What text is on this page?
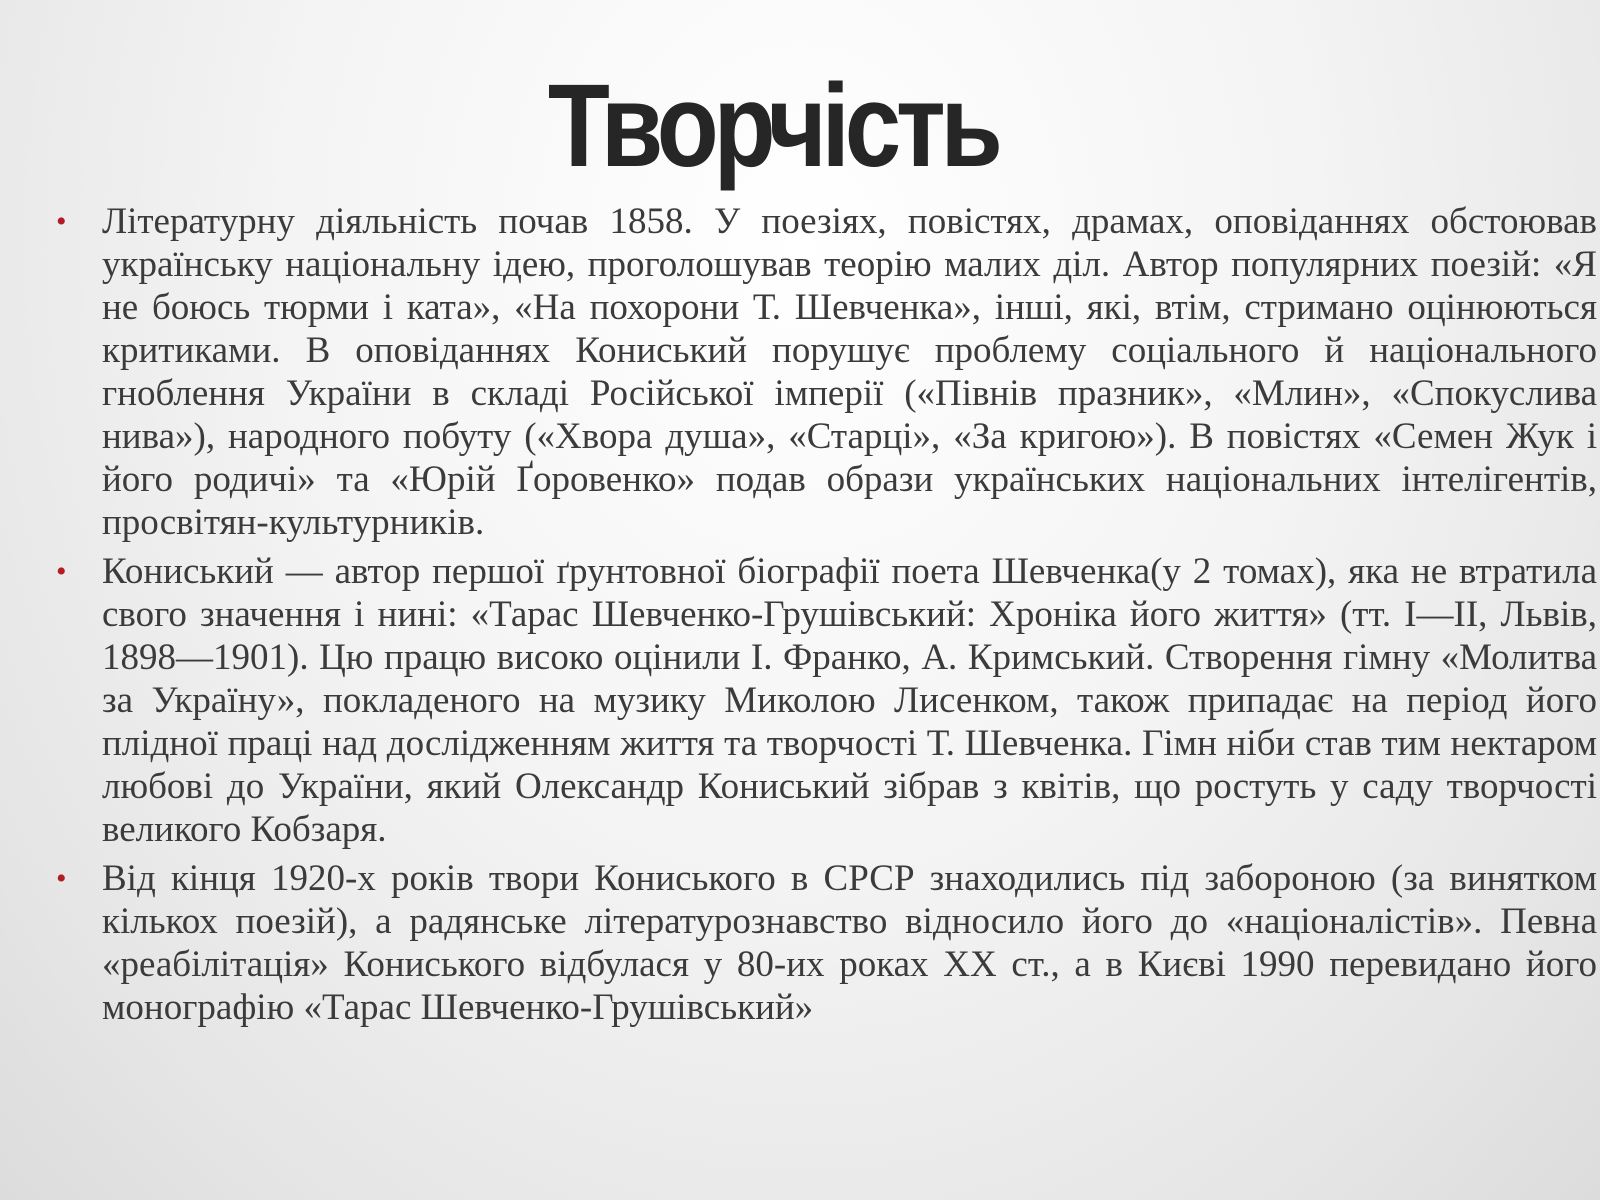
Творчість
• Літературну діяльність почав 1858. У поезіях, повістях, драмах, оповіданнях обстоював українську національну ідею, проголошував теорію малих діл. Автор популярних поезій: «Я не боюсь тюрми і ката», «На похорони Т. Шевченка», інші, які, втім, стримано оцінюються критиками. В оповіданнях Кониський порушує проблему соціального й національного гноблення України в складі Російської імперії («Півнів празник», «Млин», «Спокуслива нива»), народного побуту («Хвора душа», «Старці», «За кригою»). В повістях «Семен Жук і його родичі» та «Юрій Ґоровенко» подав образи українських національних інтелігентів, просвітян-культурників.
• Кониський — автор першої ґрунтовної біографії поета Шевченка(у 2 томах), яка не втратила свого значення і нині: «Тарас Шевченко-Грушівський: Хроніка його життя» (тт. І—ІІ, Львів, 1898—1901). Цю працю високо оцінили І. Франко, А. Кримський. Створення гімну «Молитва за Україну», покладеного на музику Миколою Лисенком, також припадає на період його плідної праці над дослідженням життя та творчості Т. Шевченка. Гімн ніби став тим нектаром любові до України, який Олександр Кониський зібрав з квітів, що ростуть у саду творчості великого Кобзаря.
• Від кінця 1920-х років твори Кониського в СРСР знаходились під забороною (за винятком кількох поезій), а радянське літературознавство відносило його до «націоналістів». Певна «реабілітація» Кониського відбулася у 80-их роках ХХ ст., а в Києві 1990 перевидано його монографію «Тарас Шевченко-Грушівський»
